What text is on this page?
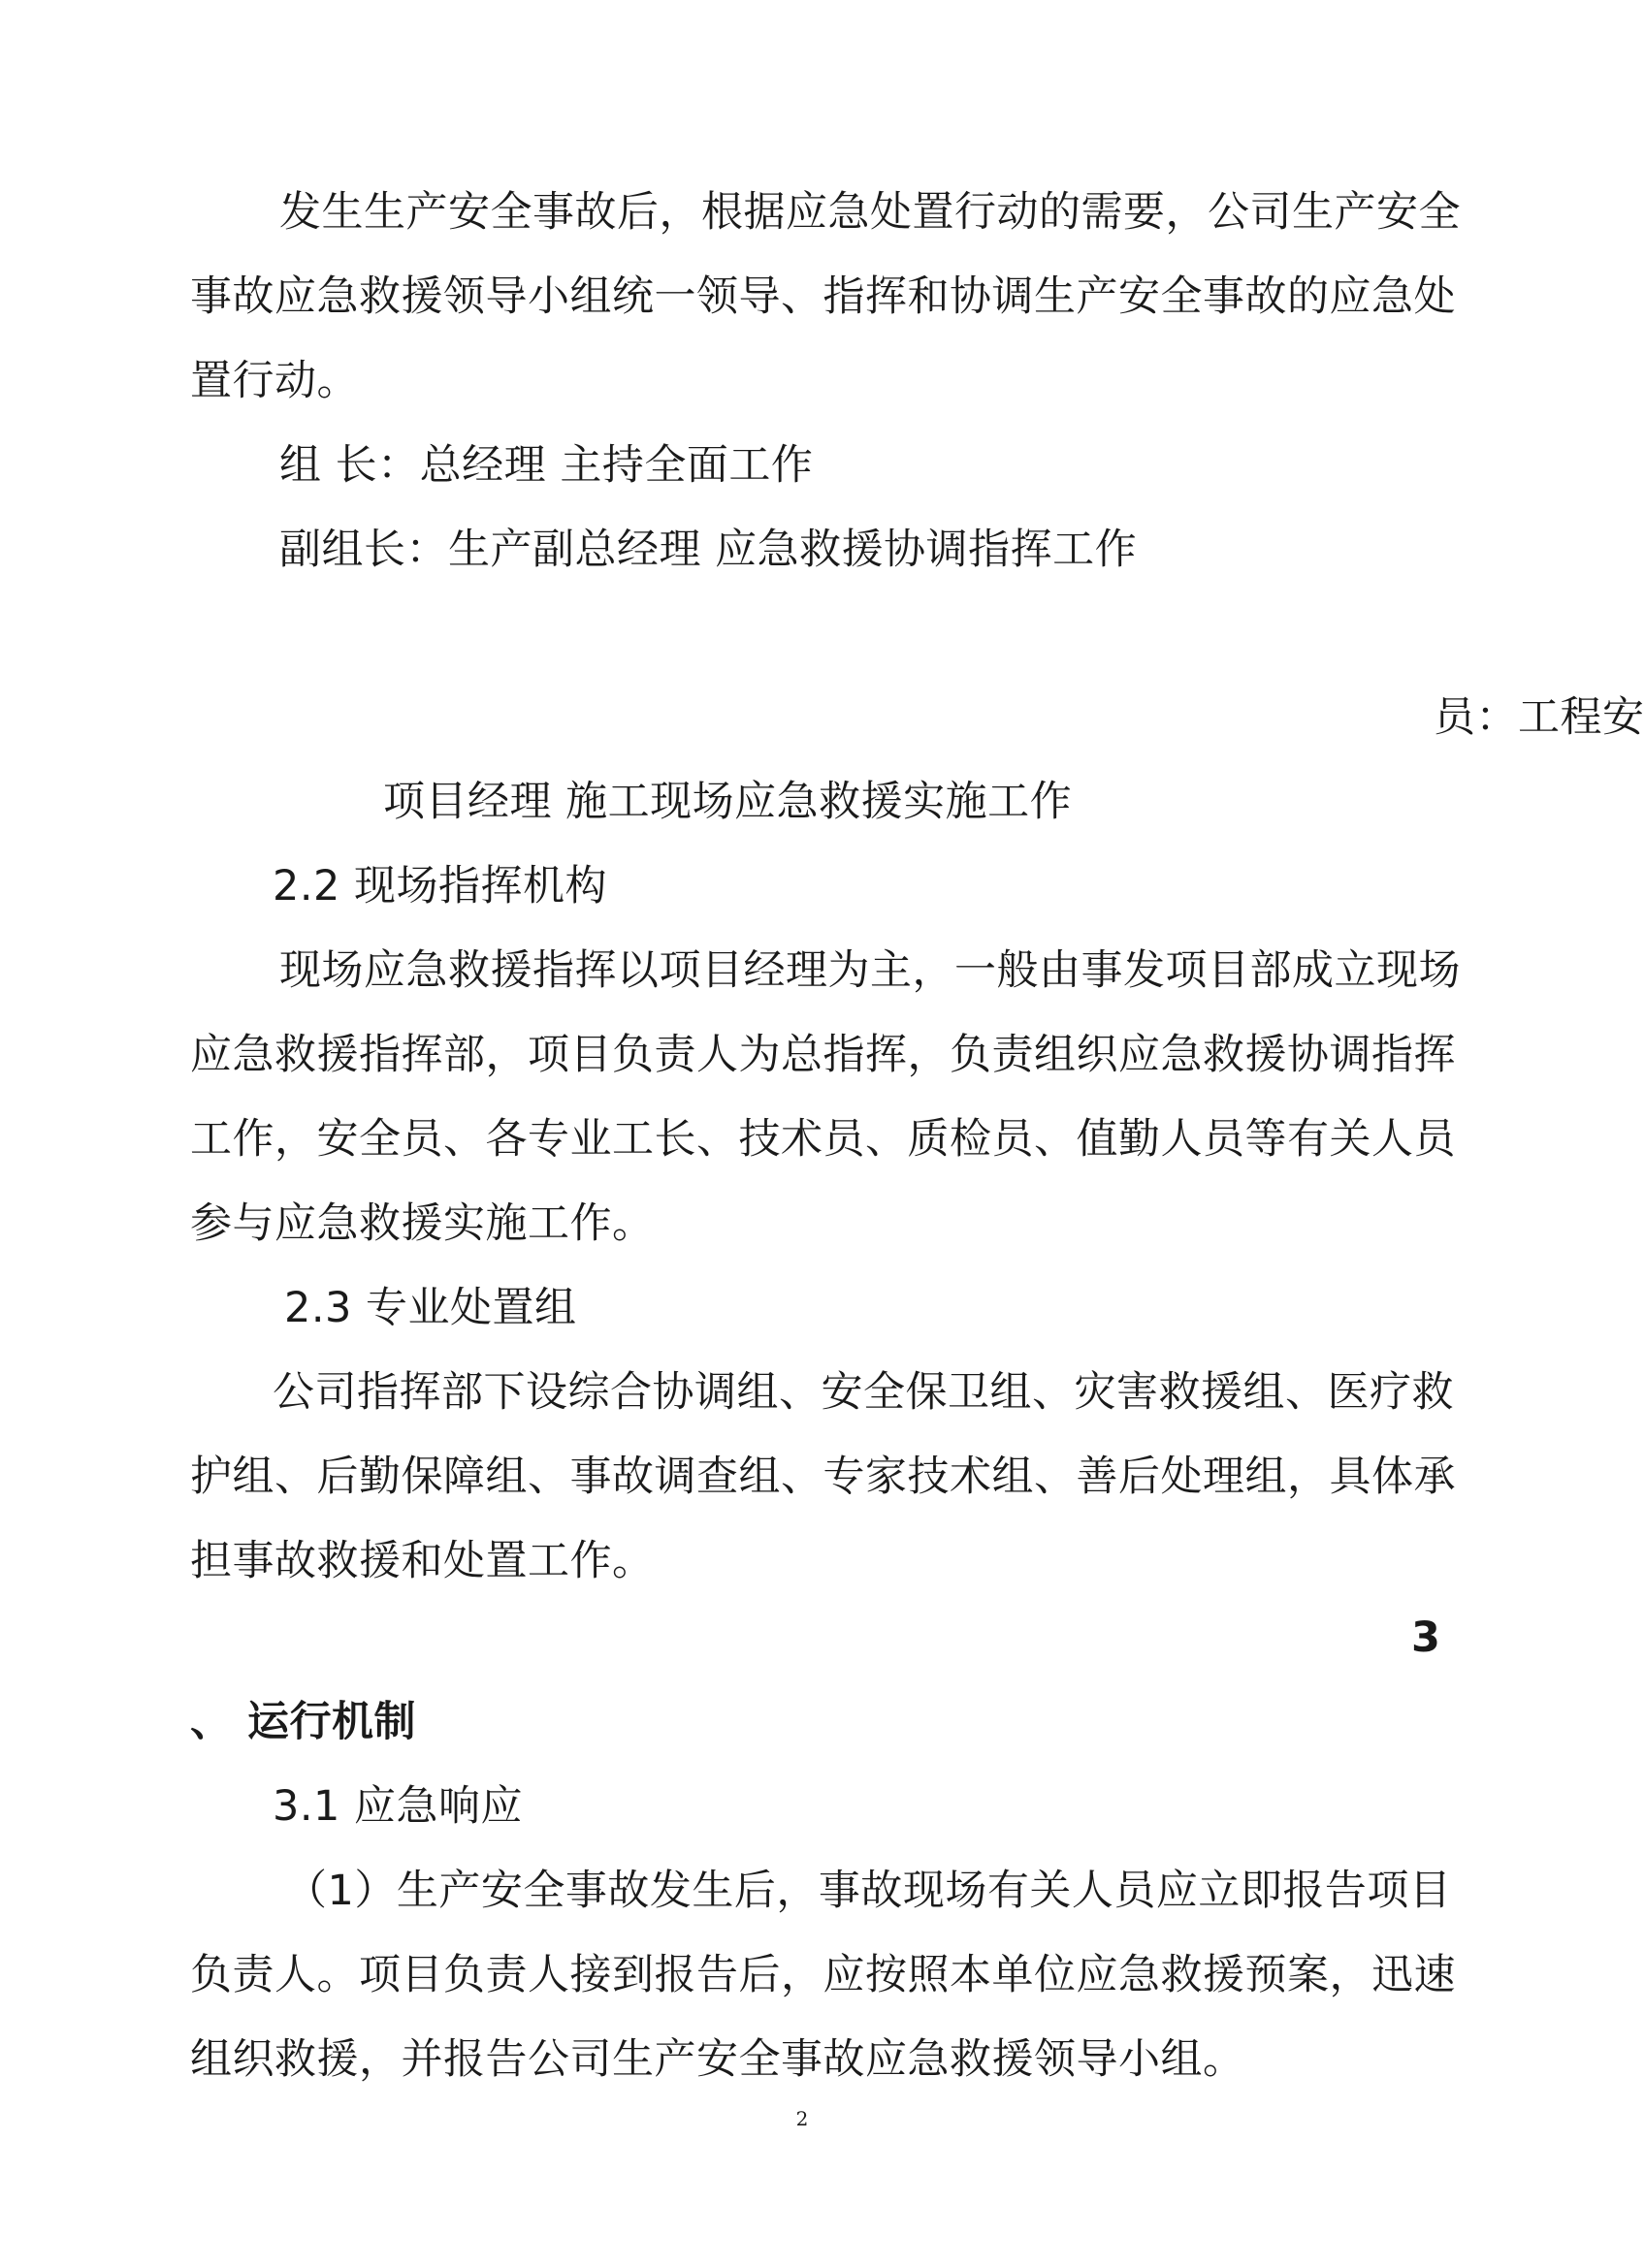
发生生产安全事故后，根据应急处置行动的需要，公司生产安全
事故应急救援领导小组统一领导、指挥和协调生产安全事故的应急处
置行动。
组 长：总经理 主持全面工作
副组长：生产副总经理 应急救援协调指挥工作
员：工程安
项目经理 施工现场应急救援实施工作
2.2 现场指挥机构
现场应急救援指挥以项目经理为主，一般由事发项目部成立现场
应急救援指挥部，项目负责人为总指挥，负责组织应急救援协调指挥
工作，安全员、各专业工长、技术员、质检员、值勤人员等有关人员
参与应急救援实施工作。
2.3 专业处置组
公司指挥部下设综合协调组、安全保卫组、灾害救援组、医疗救
护组、后勤保障组、事故调查组、专家技术组、善后处理组，具体承
担事故救援和处置工作。
3
、 运行机制
3.1 应急响应
（1）生产安全事故发生后，事故现场有关人员应立即报告项目
负责人。项目负责人接到报告后，应按照本单位应急救援预案，迅速
组织救援，并报告公司生产安全事故应急救援领导小组。
2
